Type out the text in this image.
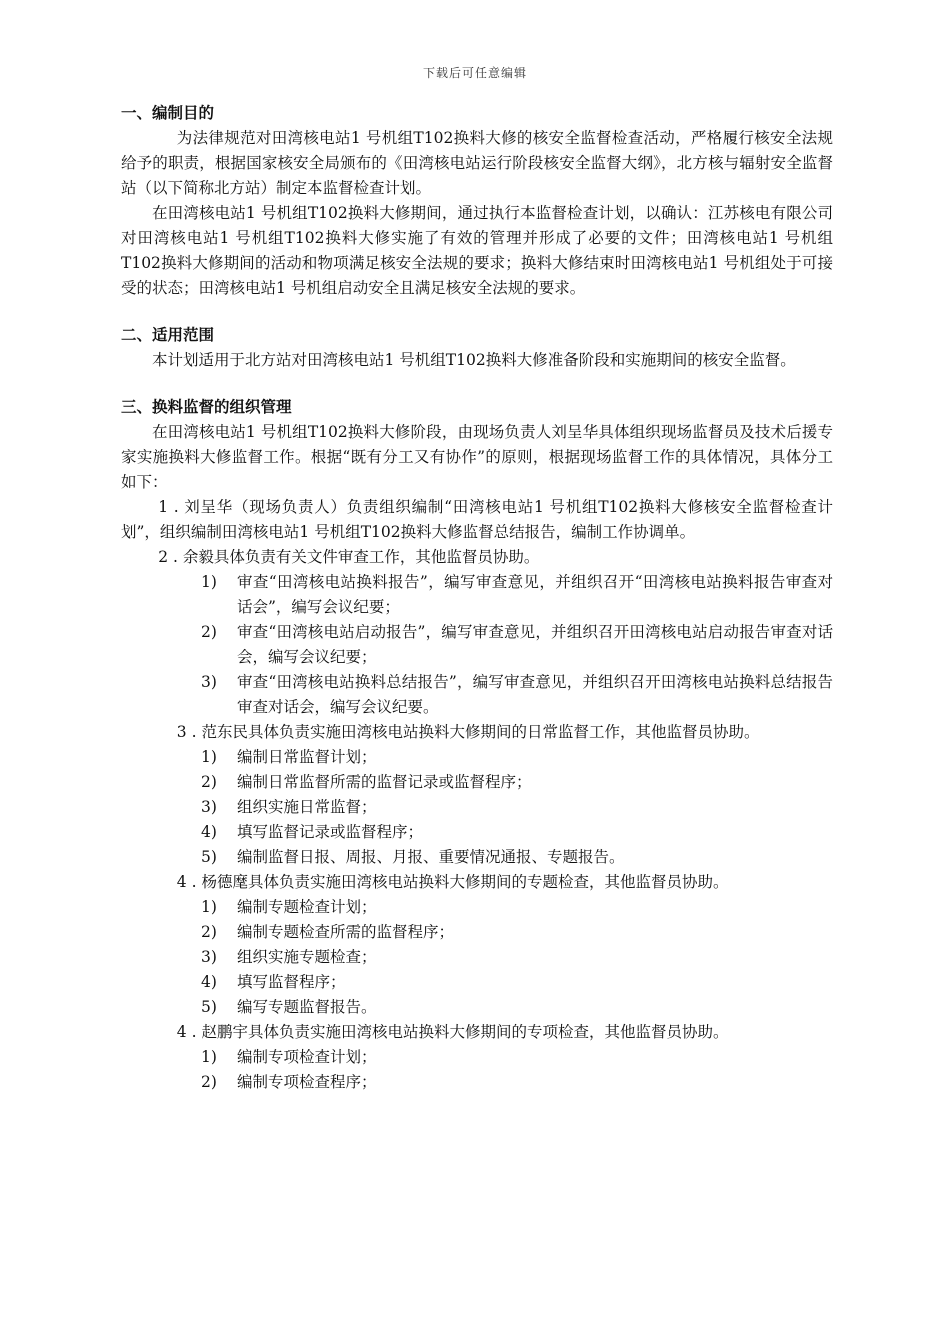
下载后可任意编辑
一、编制目的
为法律规范对田湾核电站1 号机组T102换料大修的核安全监督检查活动，严格履行核安全法规给予的职责，根据国家核安全局颁布的《田湾核电站运行阶段核安全监督大纲》，北方核与辐射安全监督站（以下简称北方站）制定本监督检查计划。
在田湾核电站1 号机组T102换料大修期间，通过执行本监督检查计划，以确认：江苏核电有限公司对田湾核电站1 号机组T102换料大修实施了有效的管理并形成了必要的文件；田湾核电站1 号机组T102换料大修期间的活动和物项满足核安全法规的要求；换料大修结束时田湾核电站1 号机组处于可接受的状态；田湾核电站1 号机组启动安全且满足核安全法规的要求。
二、适用范围
本计划适用于北方站对田湾核电站1 号机组T102换料大修准备阶段和实施期间的核安全监督。
三、换料监督的组织管理
在田湾核电站1 号机组T102换料大修阶段，由现场负责人刘呈华具体组织现场监督员及技术后援专家实施换料大修监督工作。根据“既有分工又有协作”的原则，根据现场监督工作的具体情况，具体分工如下：
1 . 刘呈华（现场负责人）负责组织编制“田湾核电站1 号机组T102换料大修核安全监督检查计划”，组织编制田湾核电站1 号机组T102换料大修监督总结报告，编制工作协调单。
2 . 余毅具体负责有关文件审查工作，其他监督员协助。
1)	审查“田湾核电站换料报告”，编写审查意见，并组织召开“田湾核电站换料报告审查对话会”，编写会议纪要；
2)	审查“田湾核电站启动报告”，编写审查意见，并组织召开田湾核电站启动报告审查对话会，编写会议纪要；
3)	审查“田湾核电站换料总结报告”，编写审查意见，并组织召开田湾核电站换料总结报告审查对话会，编写会议纪要。
3 . 范东民具体负责实施田湾核电站换料大修期间的日常监督工作，其他监督员协助。
1)	编制日常监督计划；
2)	编制日常监督所需的监督记录或监督程序；
3)	组织实施日常监督；
4)	填写监督记录或监督程序；
5)	编制监督日报、周报、月报、重要情况通报、专题报告。
4 . 杨德麾具体负责实施田湾核电站换料大修期间的专题检查，其他监督员协助。
1)	编制专题检查计划；
2)	编制专题检查所需的监督程序；
3)	组织实施专题检查；
4)	填写监督程序；
5)	编写专题监督报告。
4 . 赵鹏宇具体负责实施田湾核电站换料大修期间的专项检查，其他监督员协助。
1)	编制专项检查计划；
2)	编制专项检查程序；
